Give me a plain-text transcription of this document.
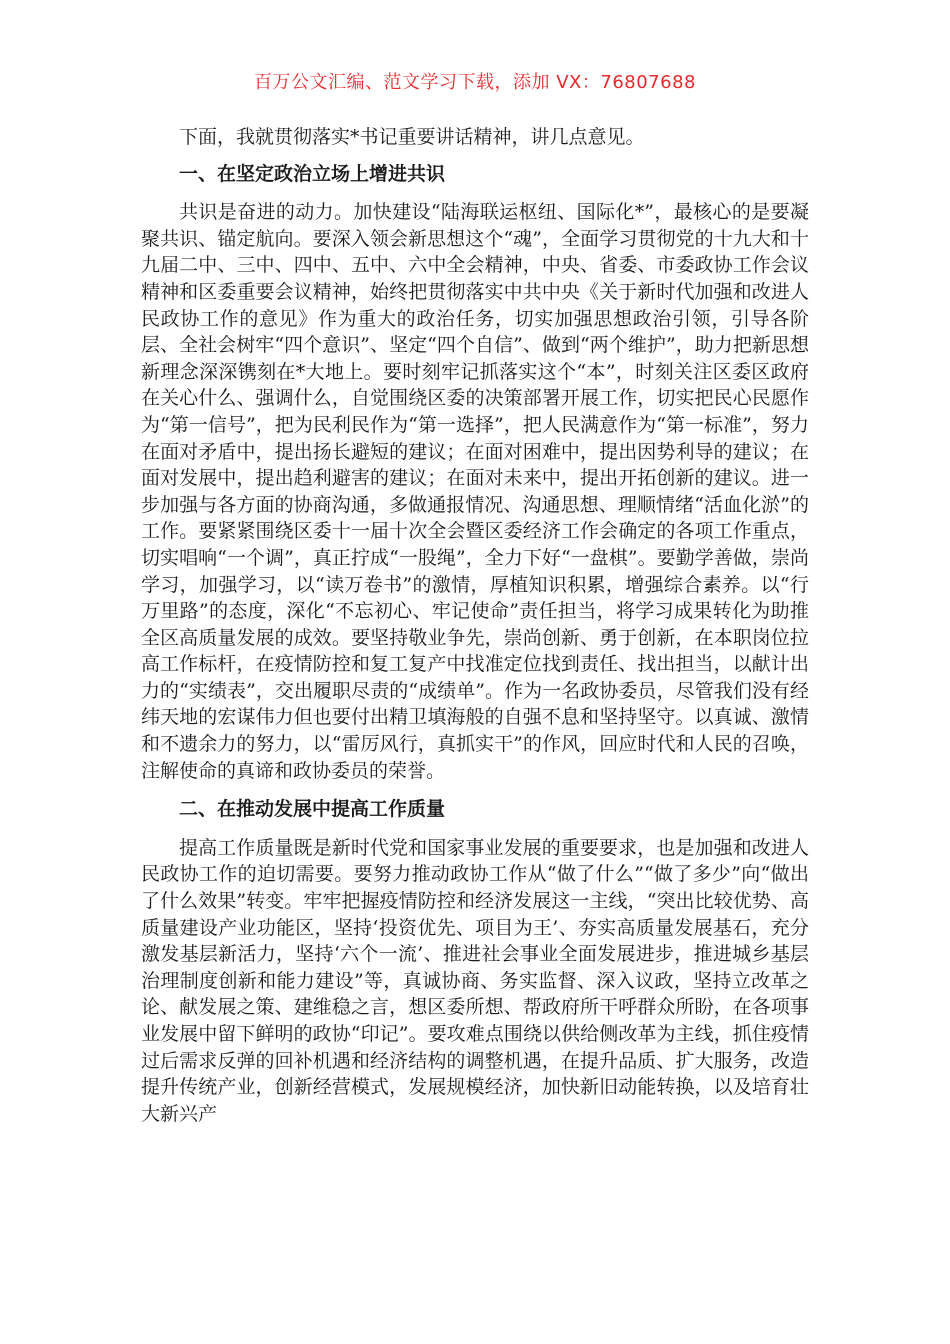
百万公文汇编、范文学习下载，添加 VX：76807688

下面，我就贯彻落实*书记重要讲话精神，讲几点意见。

一、在坚定政治立场上增进共识

共识是奋进的动力。加快建设“陆海联运枢纽、国际化*”，最核心的是要凝聚共识、锚定航向。要深入领会新思想这个“魂”，全面学习贯彻党的十九大和十九届二中、三中、四中、五中、六中全会精神，中央、省委、市委政协工作会议精神和区委重要会议精神，始终把贯彻落实中共中央《关于新时代加强和改进人民政协工作的意见》作为重大的政治任务，切实加强思想政治引领，引导各阶层、全社会树牢“四个意识”、坚定“四个自信”、做到“两个维护”，助力把新思想新理念深深镌刻在*大地上。要时刻牢记抓落实这个“本”，时刻关注区委区政府在关心什么、强调什么，自觉围绕区委的决策部署开展工作，切实把民心民愿作为“第一信号”，把为民利民作为“第一选择”，把人民满意作为“第一标准”，努力在面对矛盾中，提出扬长避短的建议；在面对困难中，提出因势利导的建议；在面对发展中，提出趋利避害的建议；在面对未来中，提出开拓创新的建议。进一步加强与各方面的协商沟通，多做通报情况、沟通思想、理顺情绪“活血化淤”的工作。要紧紧围绕区委十一届十次全会暨区委经济工作会确定的各项工作重点，切实唱响“一个调”，真正拧成“一股绳”，全力下好“一盘棋”。要勤学善做，崇尚学习，加强学习，以“读万卷书”的激情，厚植知识积累，增强综合素养。以“行万里路”的态度，深化“不忘初心、牢记使命”责任担当，将学习成果转化为助推全区高质量发展的成效。要坚持敬业争先，崇尚创新、勇于创新，在本职岗位拉高工作标杆，在疫情防控和复工复产中找准定位找到责任、找出担当，以献计出力的“实绩表”，交出履职尽责的“成绩单”。作为一名政协委员，尽管我们没有经纬天地的宏谋伟力但也要付出精卫填海般的自强不息和坚持坚守。以真诚、激情和不遗余力的努力，以“雷厉风行，真抓实干”的作风，回应时代和人民的召唤，注解使命的真谛和政协委员的荣誉。

二、在推动发展中提高工作质量

提高工作质量既是新时代党和国家事业发展的重要要求，也是加强和改进人民政协工作的迫切需要。要努力推动政协工作从“做了什么”“做了多少”向“做出了什么效果”转变。牢牢把握疫情防控和经济发展这一主线，“突出比较优势、高质量建设产业功能区，坚持‘投资优先、项目为王’、夯实高质量发展基石，充分激发基层新活力，坚持‘六个一流’、推进社会事业全面发展进步，推进城乡基层治理制度创新和能力建设”等，真诚协商、务实监督、深入议政，坚持立改革之论、献发展之策、建维稳之言，想区委所想、帮政府所干呼群众所盼，在各项事业发展中留下鲜明的政协“印记”。要攻难点围绕以供给侧改革为主线，抓住疫情过后需求反弹的回补机遇和经济结构的调整机遇，在提升品质、扩大服务，改造提升传统产业，创新经营模式，发展规模经济，加快新旧动能转换，以及培育壮大新兴产
